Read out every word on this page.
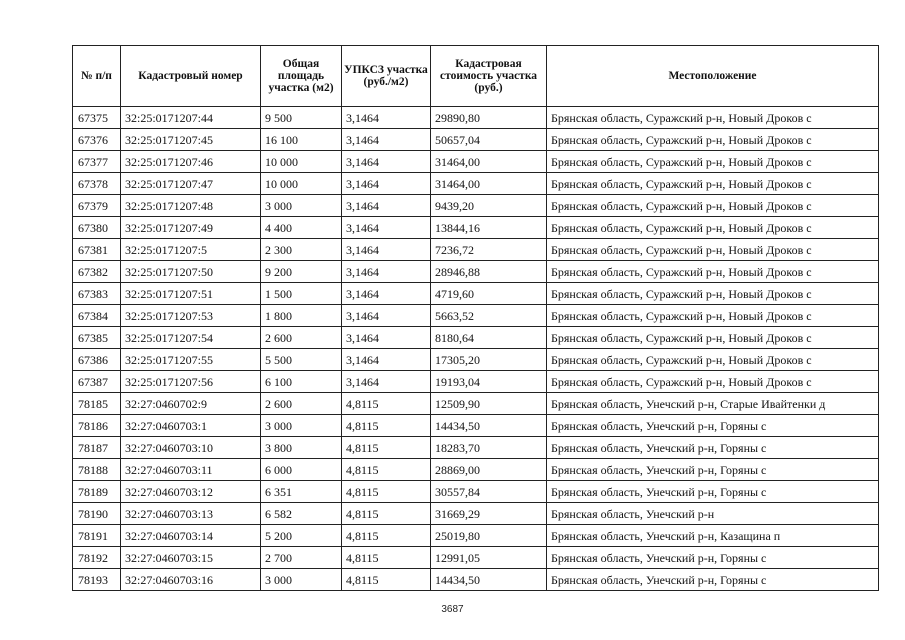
№ п/п	Кадастровый номер	Общая площадь участка (м2)	УПКСЗ участка (руб./м2)	Кадастровая стоимость участка (руб.)	Местоположение
67375	32:25:0171207:44	9 500	3,1464	29890,80	Брянская область, Суражский р-н, Новый Дроков с
67376	32:25:0171207:45	16 100	3,1464	50657,04	Брянская область, Суражский р-н, Новый Дроков с
67377	32:25:0171207:46	10 000	3,1464	31464,00	Брянская область, Суражский р-н, Новый Дроков с
67378	32:25:0171207:47	10 000	3,1464	31464,00	Брянская область, Суражский р-н, Новый Дроков с
67379	32:25:0171207:48	3 000	3,1464	9439,20	Брянская область, Суражский р-н, Новый Дроков с
67380	32:25:0171207:49	4 400	3,1464	13844,16	Брянская область, Суражский р-н, Новый Дроков с
67381	32:25:0171207:5	2 300	3,1464	7236,72	Брянская область, Суражский р-н, Новый Дроков с
67382	32:25:0171207:50	9 200	3,1464	28946,88	Брянская область, Суражский р-н, Новый Дроков с
67383	32:25:0171207:51	1 500	3,1464	4719,60	Брянская область, Суражский р-н, Новый Дроков с
67384	32:25:0171207:53	1 800	3,1464	5663,52	Брянская область, Суражский р-н, Новый Дроков с
67385	32:25:0171207:54	2 600	3,1464	8180,64	Брянская область, Суражский р-н, Новый Дроков с
67386	32:25:0171207:55	5 500	3,1464	17305,20	Брянская область, Суражский р-н, Новый Дроков с
67387	32:25:0171207:56	6 100	3,1464	19193,04	Брянская область, Суражский р-н, Новый Дроков с
78185	32:27:0460702:9	2 600	4,8115	12509,90	Брянская область, Унечский р-н, Старые Ивайтенки д
78186	32:27:0460703:1	3 000	4,8115	14434,50	Брянская область, Унечский р-н, Горяны с
78187	32:27:0460703:10	3 800	4,8115	18283,70	Брянская область, Унечский р-н, Горяны с
78188	32:27:0460703:11	6 000	4,8115	28869,00	Брянская область, Унечский р-н, Горяны с
78189	32:27:0460703:12	6 351	4,8115	30557,84	Брянская область, Унечский р-н, Горяны с
78190	32:27:0460703:13	6 582	4,8115	31669,29	Брянская область, Унечский р-н
78191	32:27:0460703:14	5 200	4,8115	25019,80	Брянская область, Унечский р-н, Казащина п
78192	32:27:0460703:15	2 700	4,8115	12991,05	Брянская область, Унечский р-н, Горяны с
78193	32:27:0460703:16	3 000	4,8115	14434,50	Брянская область, Унечский р-н, Горяны с
3687
